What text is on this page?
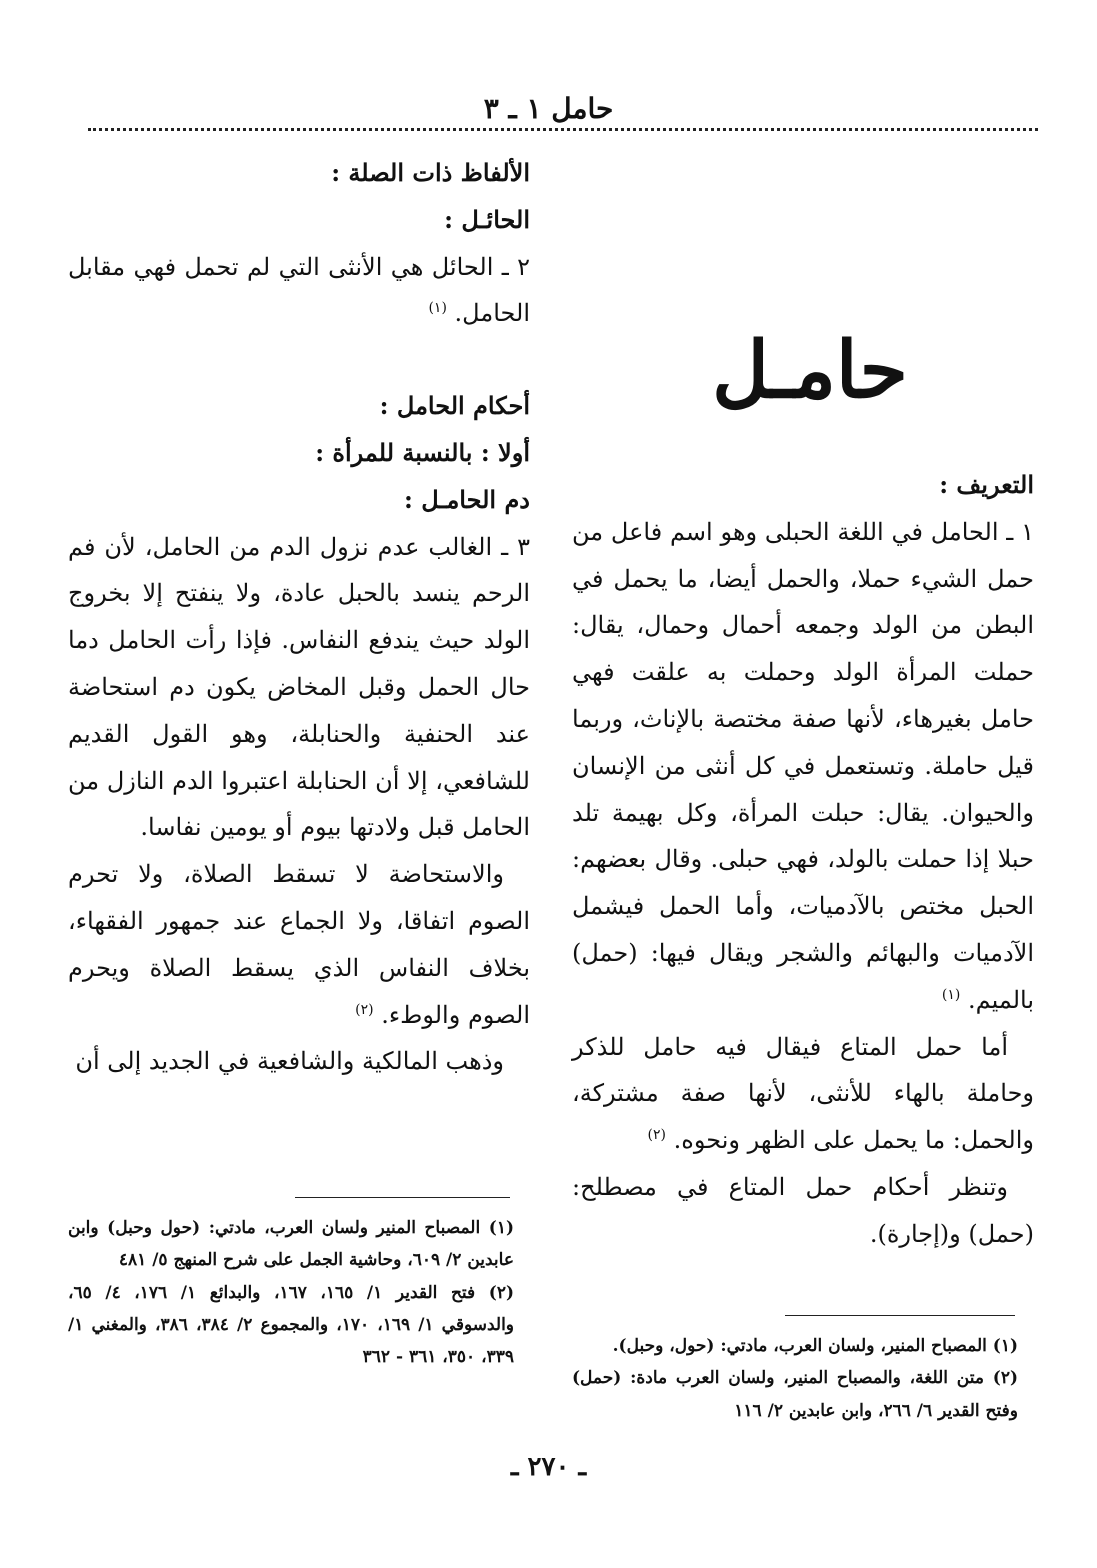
حامل ١ ـ ٣
حامـل

التعريف :

١ ـ الحامل في اللغة الحبلى وهو اسم فاعل من حمل الشيء حملا، والحمل أيضا، ما يحمل في البطن من الولد وجمعه أحمال وحمال، يقال: حملت المرأة الولد وحملت به علقت فهي حامل بغيرهاء، لأنها صفة مختصة بالإناث، وربما قيل حاملة. وتستعمل في كل أنثى من الإنسان والحيوان. يقال: حبلت المرأة، وكل بهيمة تلد حبلا إذا حملت بالولد، فهي حبلى. وقال بعضهم: الحبل مختص بالآدميات، وأما الحمل فيشمل الآدميات والبهائم والشجر ويقال فيها: (حمل) بالميم. $^{(١)}$

أما حمل المتاع فيقال فيه حامل للذكر وحاملة بالهاء للأنثى، لأنها صفة مشتركة، والحمل: ما يحمل على الظهر ونحوه. $^{(٢)}$

وتنظر أحكام حمل المتاع في مصطلح: (حمل) و(إجارة).

الألفاظ ذات الصلة :

الحائـل :

٢ ـ الحائل هي الأنثى التي لم تحمل فهي مقابل الحامل. $^{(١)}$

أحكام الحامل :

أولا : بالنسبة للمرأة :

دم الحامـل :

٣ ـ الغالب عدم نزول الدم من الحامل، لأن فم الرحم ينسد بالحبل عادة، ولا ينفتح إلا بخروج الولد حيث يندفع النفاس. فإذا رأت الحامل دما حال الحمل وقبل المخاض يكون دم استحاضة عند الحنفية والحنابلة، وهو القول القديم للشافعي، إلا أن الحنابلة اعتبروا الدم النازل من الحامل قبل ولادتها بيوم أو يومين نفاسا.

والاستحاضة لا تسقط الصلاة، ولا تحرم الصوم اتفاقا، ولا الجماع عند جمهور الفقهاء، بخلاف النفاس الذي يسقط الصلاة ويحرم الصوم والوطء. $^{(٢)}$

وذهب المالكية والشافعية في الجديد إلى أن

(١) المصباح المنير، ولسان العرب، مادتي: (حول، وحبل).

(٢) متن اللغة، والمصباح المنير، ولسان العرب مادة: (حمل) وفتح القدير ٦/ ٢٦٦، وابن عابدين ٢/ ١١٦

(١) المصباح المنير ولسان العرب، مادتي: (حول وحبل) وابن عابدين ٢/ ٦٠٩، وحاشية الجمل على شرح المنهج ٥/ ٤٨١

(٢) فتح القدير ١/ ١٦٥، ١٦٧، والبدائع ١/ ١٧٦، ٤/ ٦٥، والدسوقي ١/ ١٦٩، ١٧٠، والمجموع ٢/ ٣٨٤، ٣٨٦، والمغني ١/ ٣٣٩، ٣٥٠، ٣٦١ - ٣٦٢

ـ ٢٧٠ ـ
